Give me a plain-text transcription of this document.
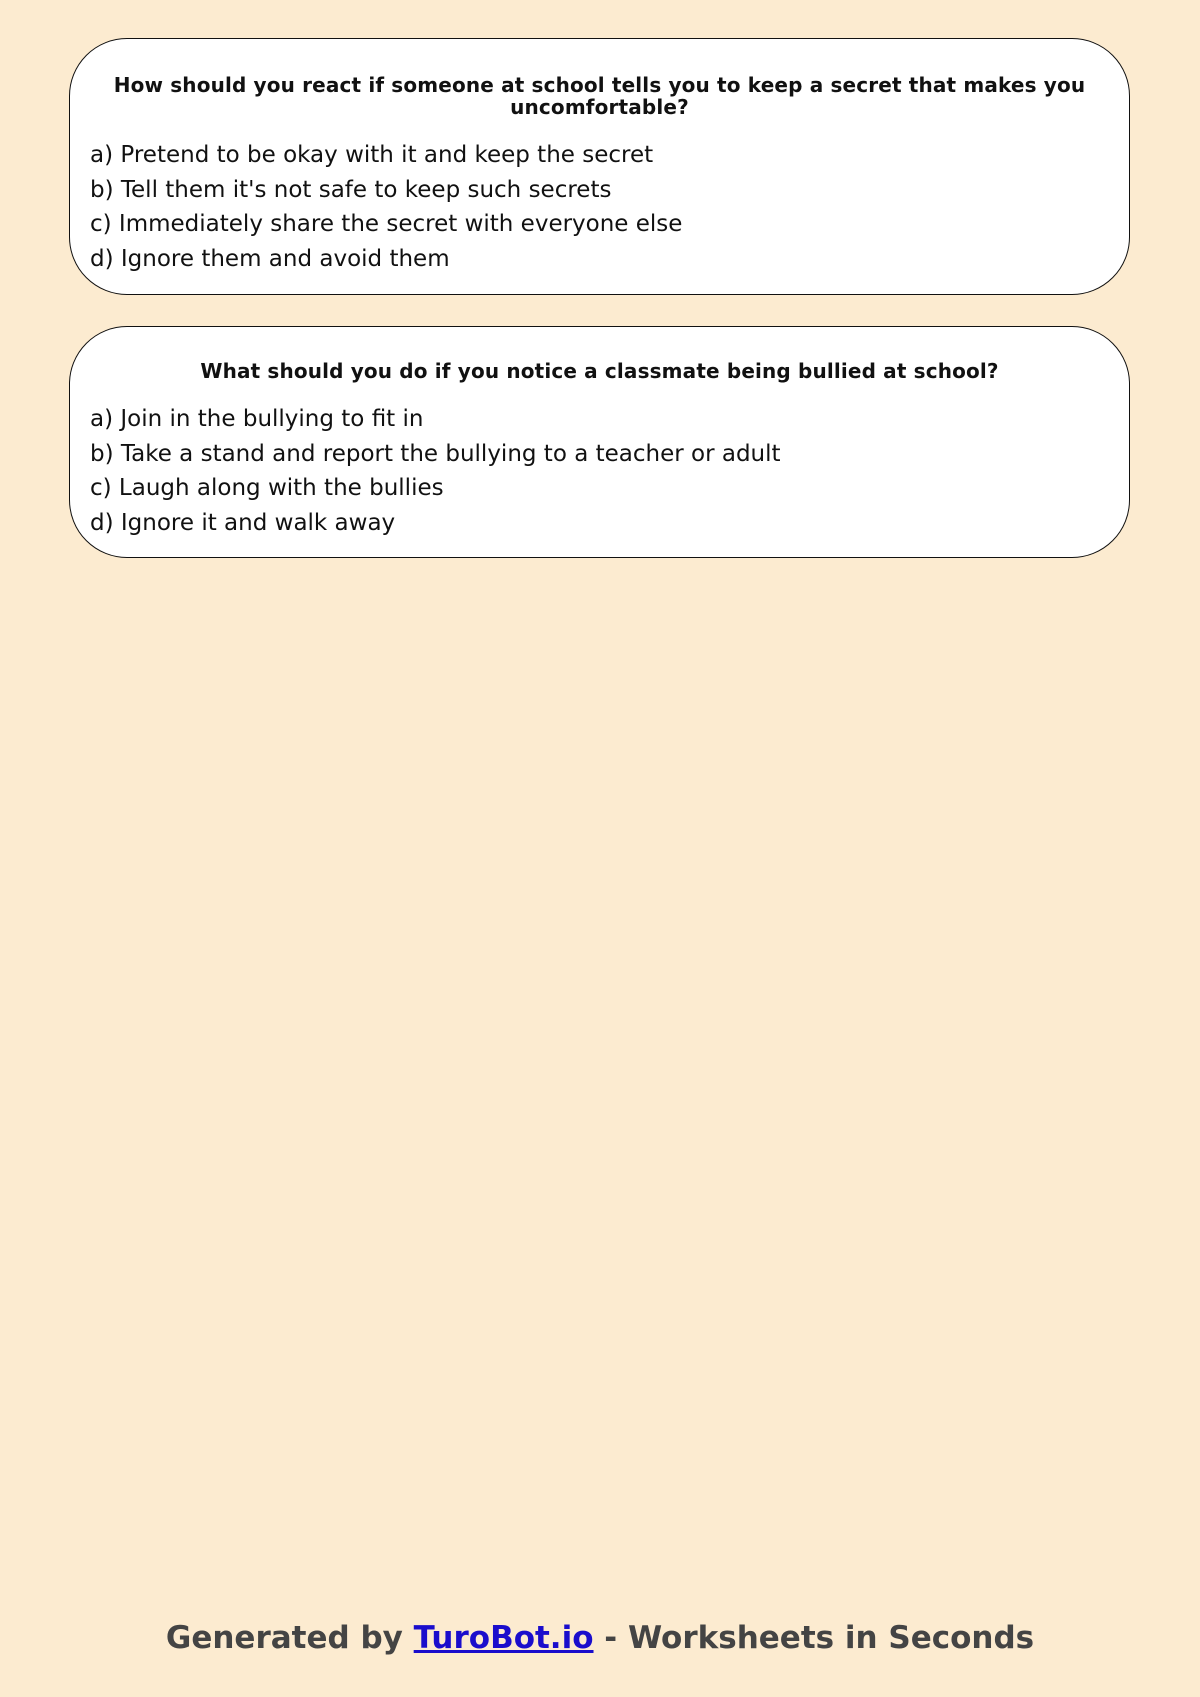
How should you react if someone at school tells you to keep a secret that makes you uncomfortable?

a) Pretend to be okay with it and keep the secret
b) Tell them it's not safe to keep such secrets
c) Immediately share the secret with everyone else
d) Ignore them and avoid them

What should you do if you notice a classmate being bullied at school?

a) Join in the bullying to fit in
b) Take a stand and report the bullying to a teacher or adult
c) Laugh along with the bullies
d) Ignore it and walk away
Generated by TuroBot.io - Worksheets in Seconds
